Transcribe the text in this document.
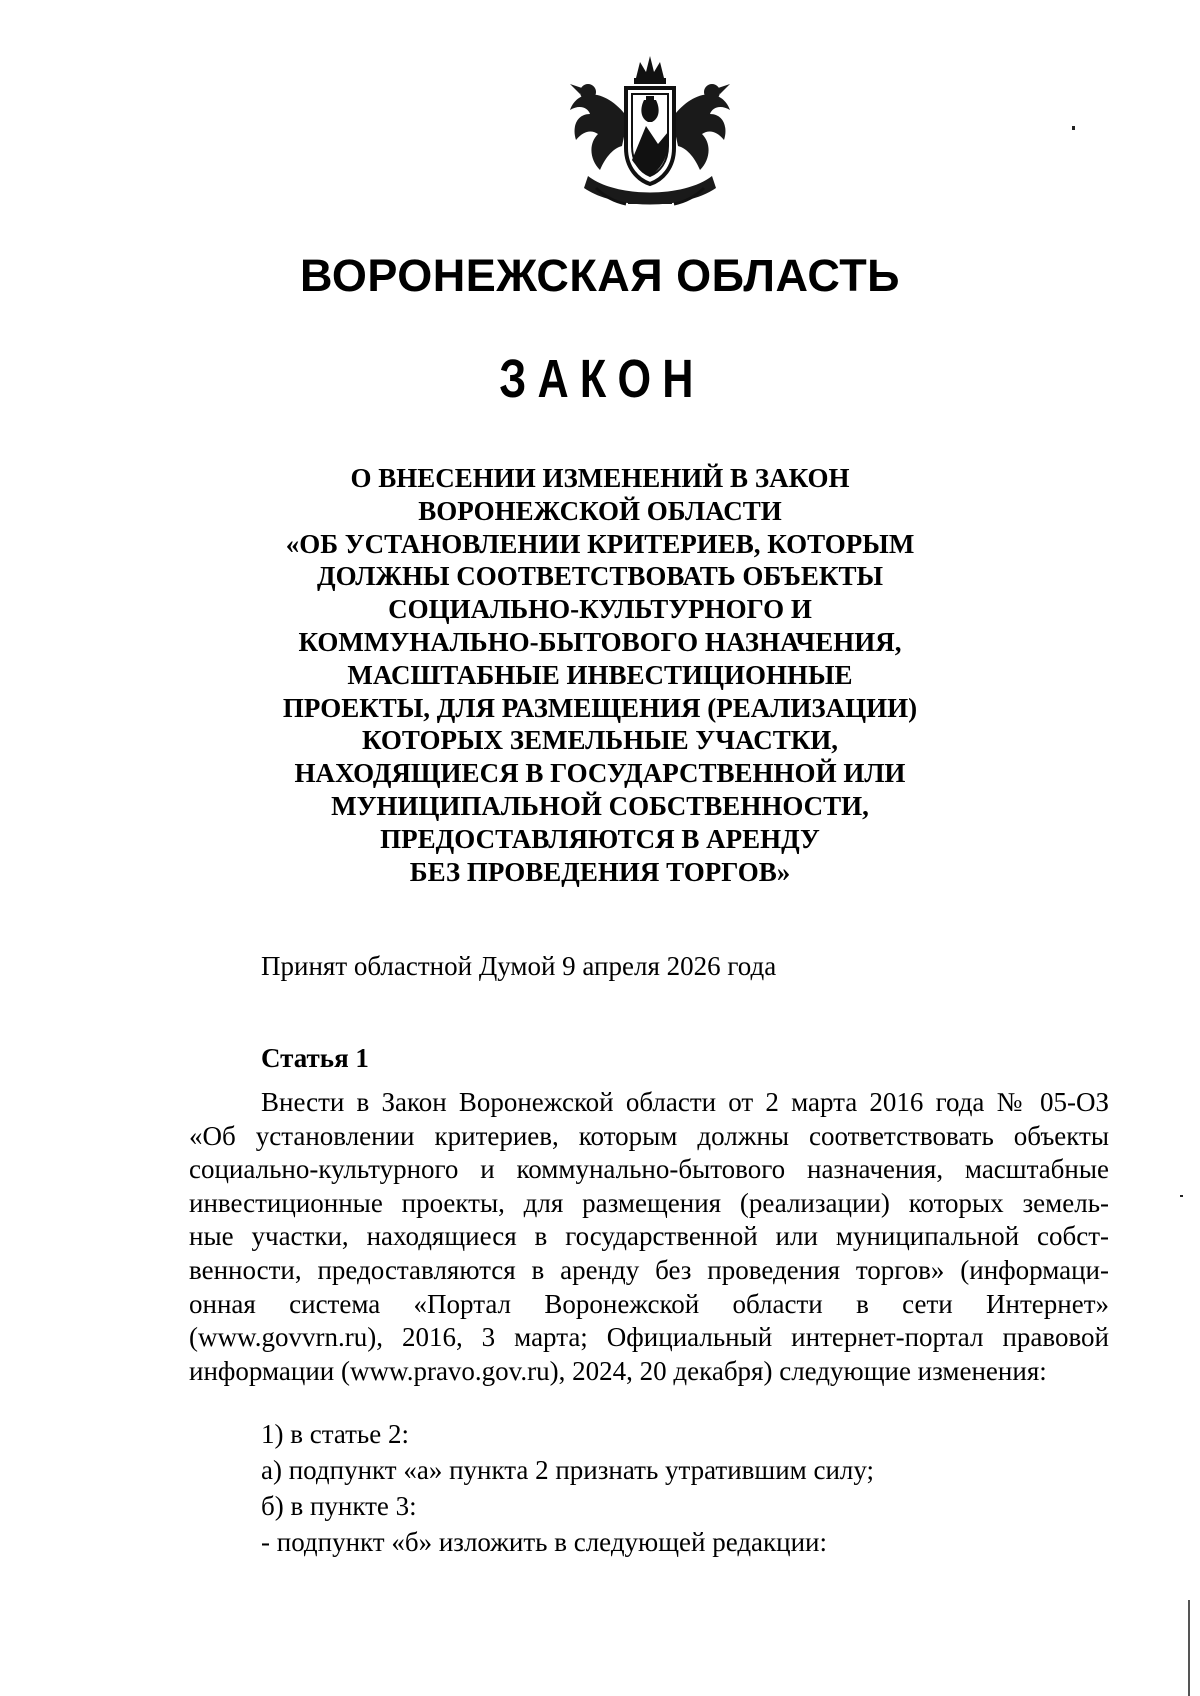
ВОРОНЕЖСКАЯ ОБЛАСТЬ
ЗАКОН
О ВНЕСЕНИИ ИЗМЕНЕНИЙ В ЗАКОН
ВОРОНЕЖСКОЙ ОБЛАСТИ
«ОБ УСТАНОВЛЕНИИ КРИТЕРИЕВ, КОТОРЫМ
ДОЛЖНЫ СООТВЕТСТВОВАТЬ ОБЪЕКТЫ
СОЦИАЛЬНО-КУЛЬТУРНОГО И
КОММУНАЛЬНО-БЫТОВОГО НАЗНАЧЕНИЯ,
МАСШТАБНЫЕ ИНВЕСТИЦИОННЫЕ
ПРОЕКТЫ, ДЛЯ РАЗМЕЩЕНИЯ (РЕАЛИЗАЦИИ)
КОТОРЫХ ЗЕМЕЛЬНЫЕ УЧАСТКИ,
НАХОДЯЩИЕСЯ В ГОСУДАРСТВЕННОЙ ИЛИ
МУНИЦИПАЛЬНОЙ СОБСТВЕННОСТИ,
ПРЕДОСТАВЛЯЮТСЯ В АРЕНДУ
БЕЗ ПРОВЕДЕНИЯ ТОРГОВ»
Принят областной Думой 9 апреля 2026 года
Статья 1
Внести в Закон Воронежской области от 2 марта 2016 года № 05-ОЗ
«Об установлении критериев, которым должны соответствовать объекты
социально-культурного и коммунально-бытового назначения, масштабные
инвестиционные проекты, для размещения (реализации) которых земель-
ные участки, находящиеся в государственной или муниципальной собст-
венности, предоставляются в аренду без проведения торгов» (информаци-
онная система «Портал Воронежской области в сети Интернет»
(www.govvrn.ru), 2016, 3 марта; Официальный интернет-портал правовой
информации (www.pravo.gov.ru), 2024, 20 декабря) следующие изменения:
1) в статье 2:
а) подпункт «а» пункта 2 признать утратившим силу;
б) в пункте 3:
- подпункт «б» изложить в следующей редакции:
